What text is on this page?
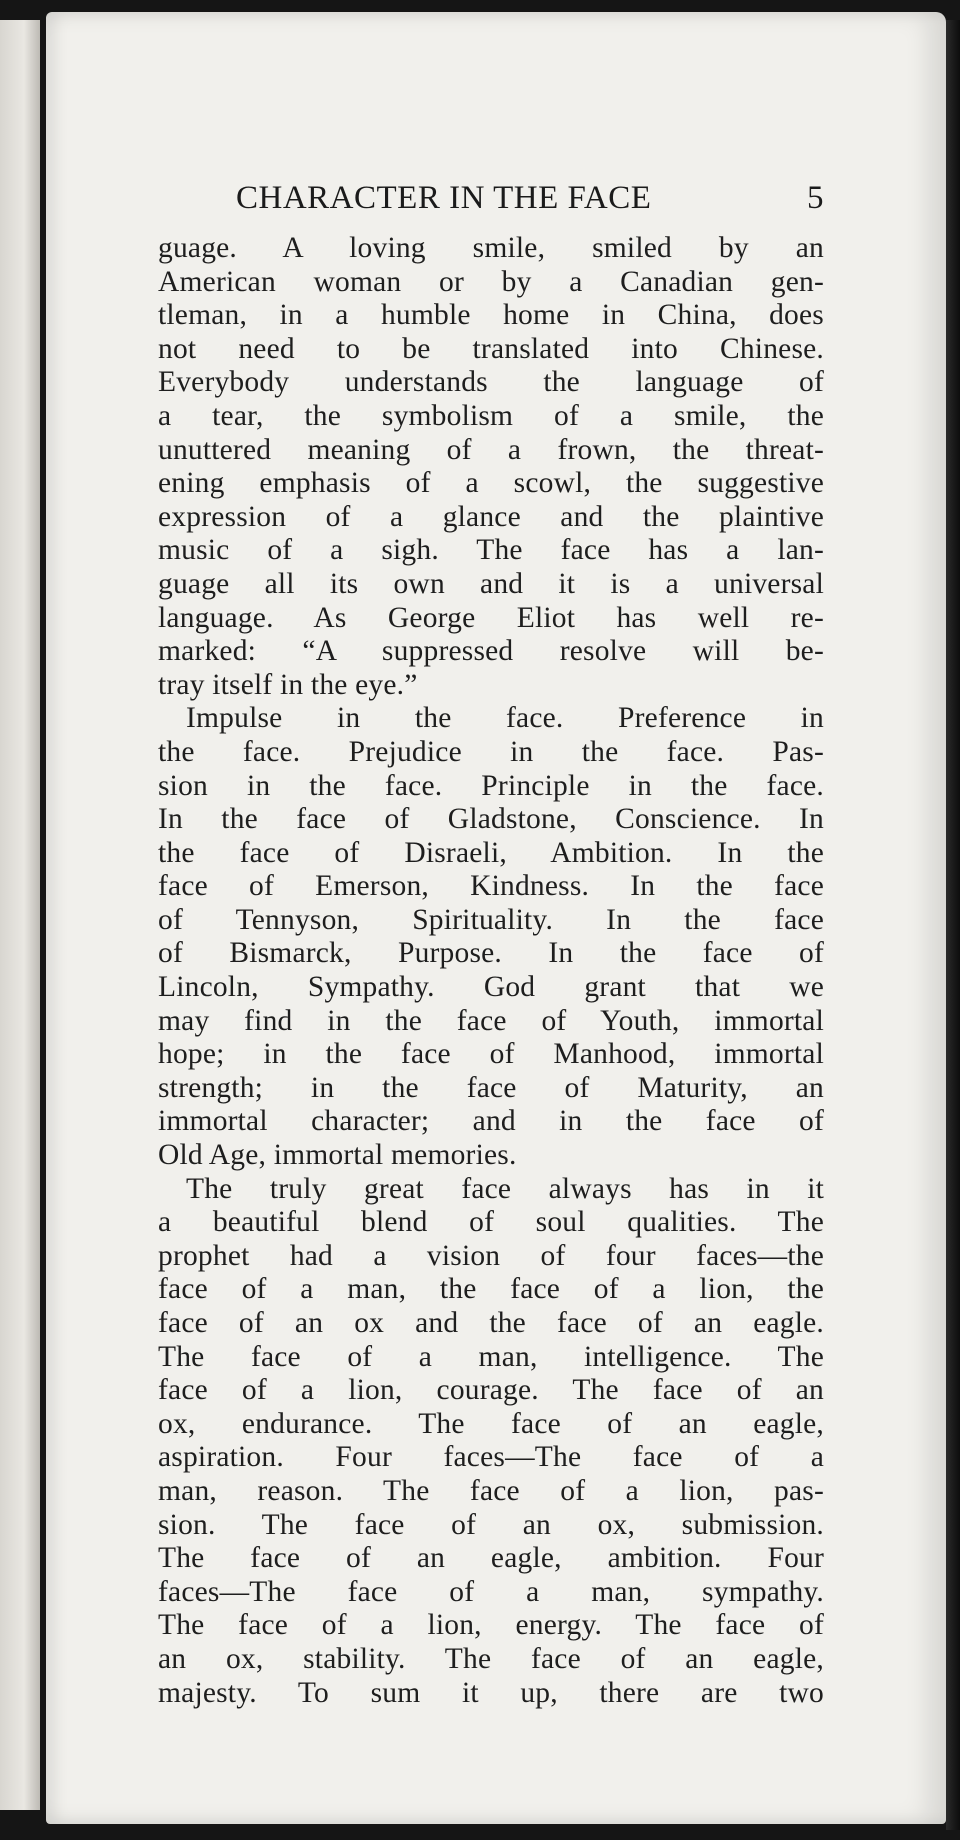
CHARACTER IN THE FACE	5
guage. A loving smile, smiled by an
American woman or by a Canadian gen-
tleman, in a humble home in China, does
not need to be translated into Chinese.
Everybody understands the language of
a tear, the symbolism of a smile, the
unuttered meaning of a frown, the threat-
ening emphasis of a scowl, the suggestive
expression of a glance and the plaintive
music of a sigh. The face has a lan-
guage all its own and it is a universal
language. As George Eliot has well re-
marked: “A suppressed resolve will be-
tray itself in the eye.”
Impulse in the face. Preference in
the face. Prejudice in the face. Pas-
sion in the face. Principle in the face.
In the face of Gladstone, Conscience. In
the face of Disraeli, Ambition. In the
face of Emerson, Kindness. In the face
of Tennyson, Spirituality. In the face
of Bismarck, Purpose. In the face of
Lincoln, Sympathy. God grant that we
may find in the face of Youth, immortal
hope; in the face of Manhood, immortal
strength; in the face of Maturity, an
immortal character; and in the face of
Old Age, immortal memories.
The truly great face always has in it
a beautiful blend of soul qualities. The
prophet had a vision of four faces—the
face of a man, the face of a lion, the
face of an ox and the face of an eagle.
The face of a man, intelligence. The
face of a lion, courage. The face of an
ox, endurance. The face of an eagle,
aspiration. Four faces—The face of a
man, reason. The face of a lion, pas-
sion. The face of an ox, submission.
The face of an eagle, ambition. Four
faces—The face of a man, sympathy.
The face of a lion, energy. The face of
an ox, stability. The face of an eagle,
majesty. To sum it up, there are two
